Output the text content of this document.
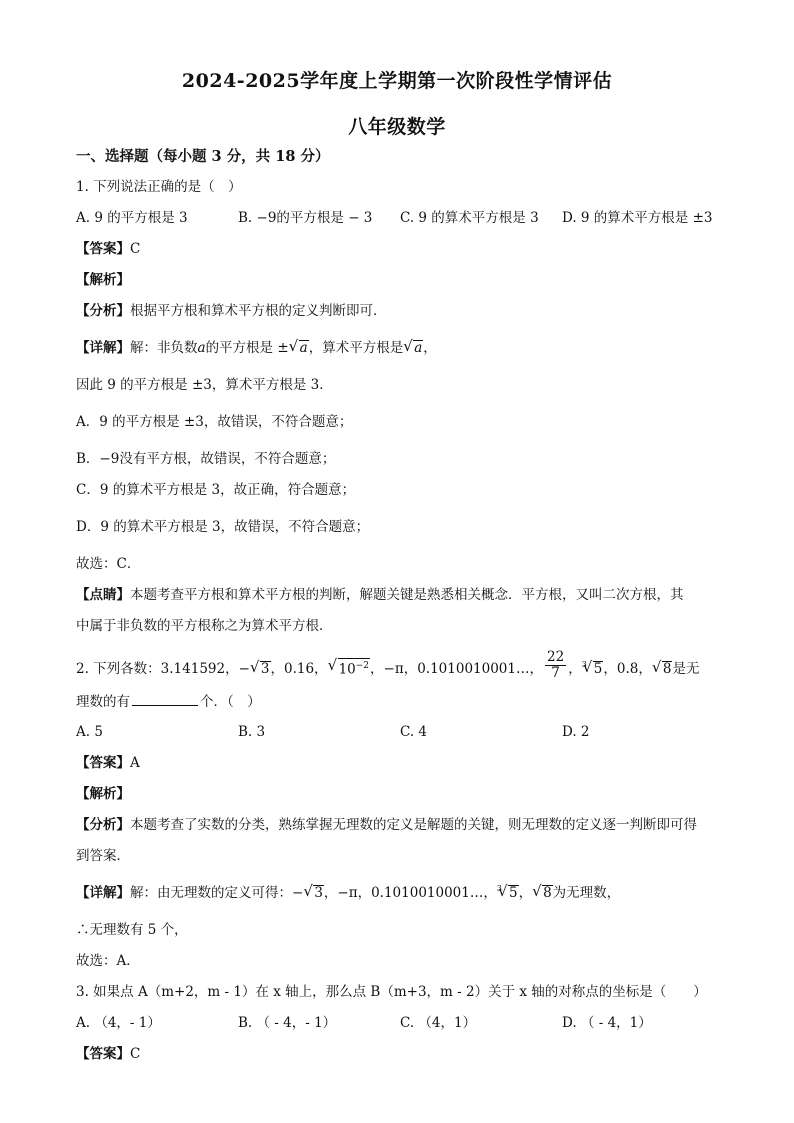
2024-2025学年度上学期第一次阶段性学情评估
八年级数学
一、选择题（每小题 3 分，共 18 分）
1. 下列说法正确的是（　）
A. 9 的平方根是 3	B. −9的平方根是 − 3 C. 9 的算术平方根是 3 D. 9 的算术平方根是 ±3
【答案】C
【解析】
【分析】根据平方根和算术平方根的定义判断即可．
【详解】解：非负数a的平方根是 ± √ a，算术平方根是 √ a，
因此 9 的平方根是 ±3，算术平方根是 3．
A．9 的平方根是 ±3，故错误，不符合题意；
B．−9没有平方根，故错误，不符合题意；
C．9 的算术平方根是 3，故正确，符合题意；
D．9 的算术平方根是 3，故错误，不符合题意；
故选：C．
【点睛】本题考查平方根和算术平方根的判断，解题关键是熟悉相关概念．平方根，又叫二次方根，其
中属于非负数的平方根称之为算术平方根．
2. 下列各数：3.141592，− √ 3，0.16， √ $10^{-2}$，−π，0.1010010001…， $\frac{22}{7}$ ，$^3$ √ 5，0.8， √ 8是无
理数的有	个．（　）
A. 5	B. 3	C. 4	D. 2
【答案】A
【解析】
【分析】本题考查了实数的分类，熟练掌握无理数的定义是解题的关键，则无理数的定义逐一判断即可得
到答案．
【详解】解：由无理数的定义可得：− √ 3，−π，0.1010010001…，$^3$ √ 5， √ 8为无理数，
∴无理数有 5 个，
故选：A．
3. 如果点 A（m+2，m - 1）在 x 轴上，那么点 B（m+3，m - 2）关于 x 轴的对称点的坐标是（　　）
A. （4，- 1）	B. （ - 4，- 1）	C. （4，1）	D. （ - 4，1）
【答案】C
